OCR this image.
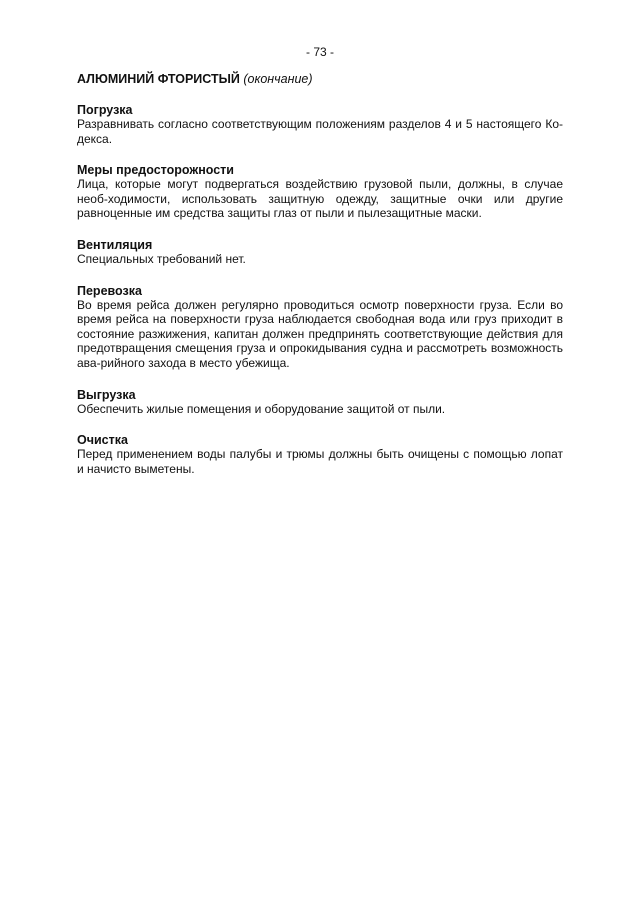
- 73 -

АЛЮМИНИЙ ФТОРИСТЫЙ (окончание)

Погрузка

Разравнивать согласно соответствующим положениям разделов 4 и 5 настоящего Ко-декса.

Меры предосторожности

Лица, которые могут подвергаться воздействию грузовой пыли, должны, в случае необ-ходимости, использовать защитную одежду, защитные очки или другие равноценные им средства защиты глаз от пыли и пылезащитные маски.

Вентиляция

Специальных требований нет.

Перевозка

Во время рейса должен регулярно проводиться осмотр поверхности груза. Если во время рейса на поверхности груза наблюдается свободная вода или груз приходит в состояние разжижения, капитан должен предпринять соответствующие действия для предотвращения смещения груза и опрокидывания судна и рассмотреть возможность ава-рийного захода в место убежища.

Выгрузка

Обеспечить жилые помещения и оборудование защитой от пыли.

Очистка

Перед применением воды палубы и трюмы должны быть очищены с помощью лопат и начисто выметены.
